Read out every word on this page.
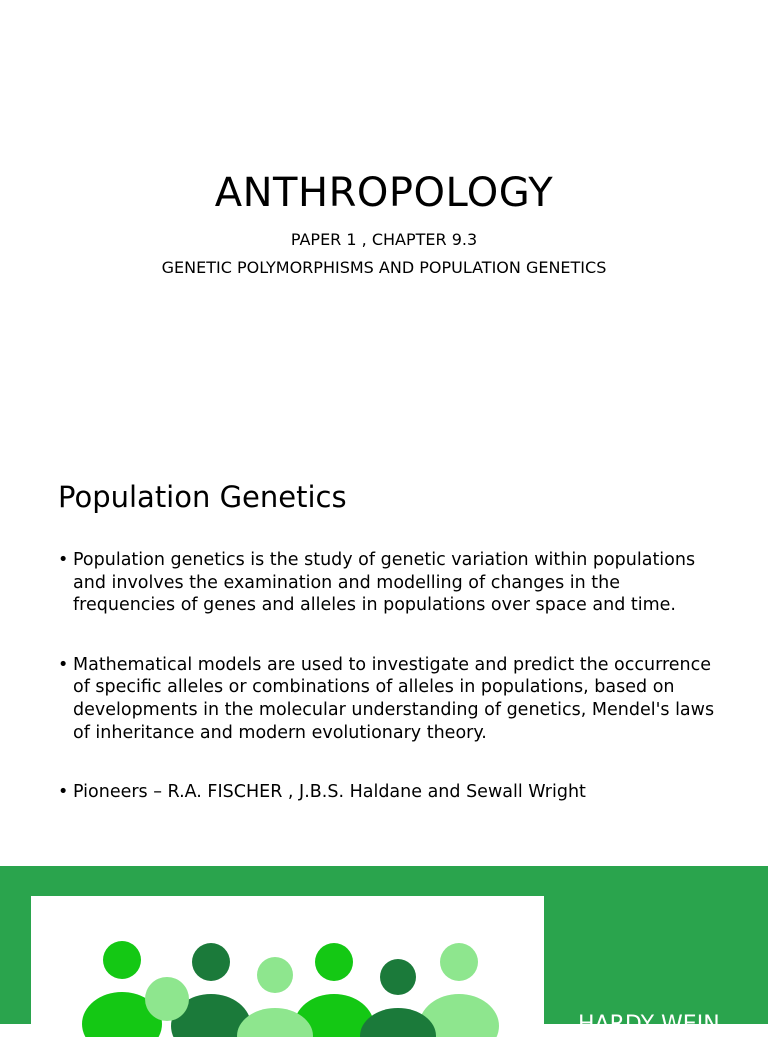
ANTHROPOLOGY
PAPER 1 , CHAPTER 9.3
GENETIC POLYMORPHISMS AND POPULATION GENETICS
Population Genetics
• Population genetics is the study of genetic variation within populations and involves the examination and modelling of changes in the frequencies of genes and alleles in populations over space and time.
• Mathematical models are used to investigate and predict the occurrence of specific alleles or combinations of alleles in populations, based on developments in the molecular understanding of genetics, Mendel's laws of inheritance and modern evolutionary theory.
• Pioneers – R.A. FISCHER , J.B.S. Haldane and Sewall Wright
HARDY WEIN
